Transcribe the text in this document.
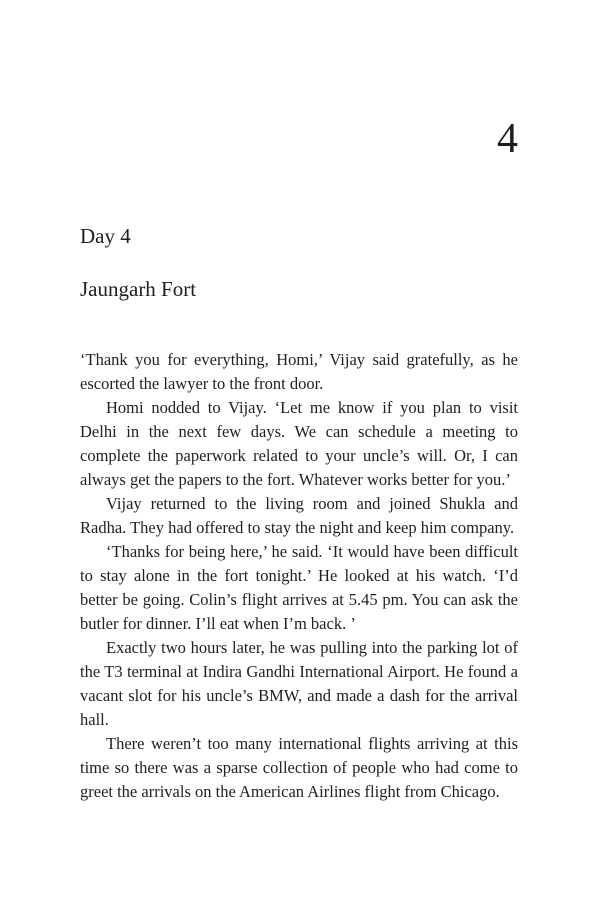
4
Day 4
Jaungarh Fort

‘Thank you for everything, Homi,’ Vijay said gratefully, as he escorted the lawyer to the front door.

Homi nodded to Vijay. ‘Let me know if you plan to visit Delhi in the next few days. We can schedule a meeting to complete the paperwork related to your uncle’s will. Or, I can always get the papers to the fort. Whatever works better for you.’

Vijay returned to the living room and joined Shukla and Radha. They had offered to stay the night and keep him company.

‘Thanks for being here,’ he said. ‘It would have been difficult to stay alone in the fort tonight.’ He looked at his watch. ‘I’d better be going. Colin’s flight arrives at 5.45 pm. You can ask the butler for dinner. I’ll eat when I’m back. ’

Exactly two hours later, he was pulling into the parking lot of the T3 terminal at Indira Gandhi International Airport. He found a vacant slot for his uncle’s BMW, and made a dash for the arrival hall.

There weren’t too many international flights arriving at this time so there was a sparse collection of people who had come to greet the arrivals on the American Airlines flight from Chicago.
